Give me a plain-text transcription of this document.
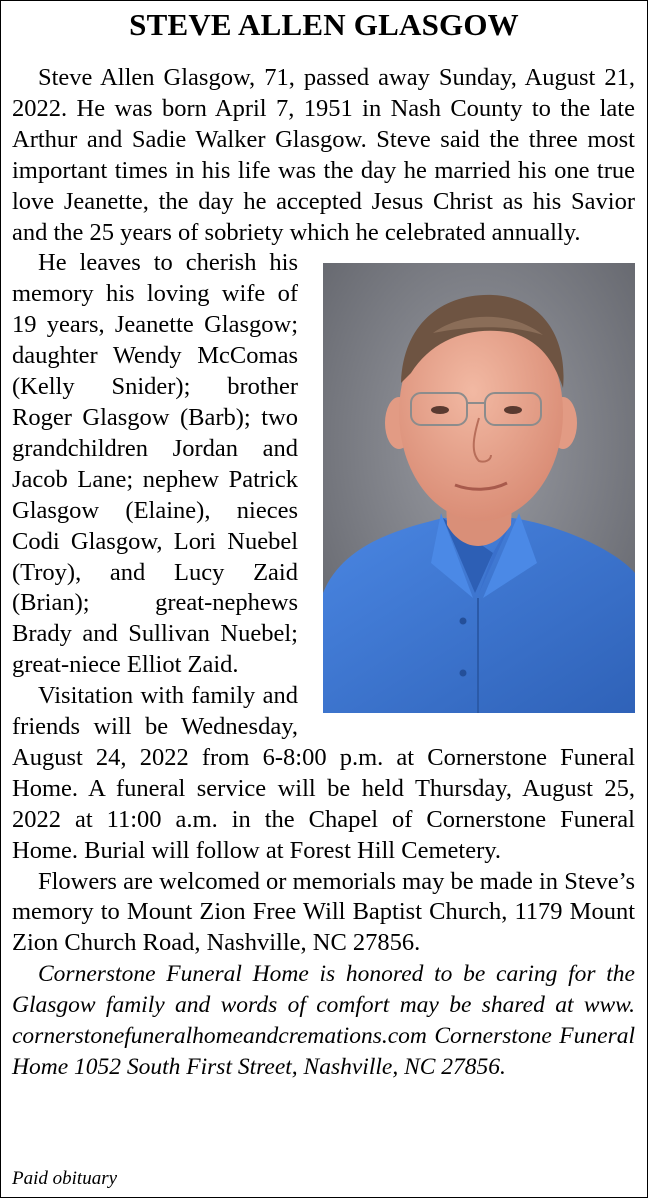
STEVE ALLEN GLASGOW

Steve Allen Glasgow, 71, passed away Sunday, August 21, 2022. He was born April 7, 1951 in Nash County to the late Arthur and Sadie Walker Glasgow. Steve said the three most important times in his life was the day he married his one true love Jeanette, the day he accepted Jesus Christ as his Savior and the 25 years of sobriety which he celebrated annually.

He leaves to cherish his memory his loving wife of 19 years, Jeanette Glasgow; daughter Wendy McComas (Kelly Snider); brother Roger Glasgow (Barb); two grandchildren Jordan and Jacob Lane; nephew Patrick Glasgow (Elaine), nieces Codi Glasgow, Lori Nuebel (Troy), and Lucy Zaid (Brian); great-nephews Brady and Sullivan Nuebel; great-niece Elliot Zaid.

Visitation with family and friends will be Wednesday, August 24, 2022 from 6-8:00 p.m. at Cornerstone Funeral Home. A funeral service will be held Thursday, August 25, 2022 at 11:00 a.m. in the Chapel of Cornerstone Funeral Home. Burial will follow at Forest Hill Cemetery.

Flowers are welcomed or memorials may be made in Steve’s memory to Mount Zion Free Will Baptist Church, 1179 Mount Zion Church Road, Nashville, NC 27856.

Cornerstone Funeral Home is honored to be caring for the Glasgow family and words of comfort may be shared at www. cornerstonefuneralhomeandcremations.com Cornerstone Funeral Home 1052 South First Street, Nashville, NC 27856.

Paid obituary
